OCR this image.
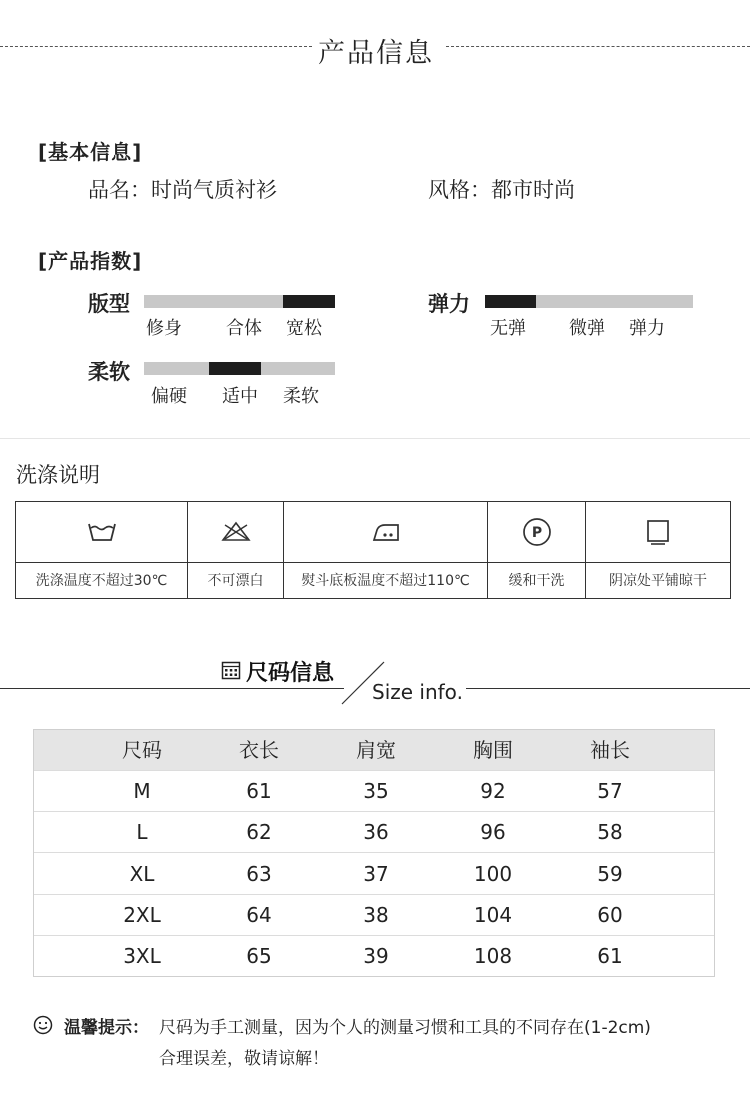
产品信息
[基本信息]
品名：时尚气质衬衫	风格：都市时尚
[产品指数]
版型
修身 合体 宽松
弹力
无弹 微弹 弹力
柔软
偏硬 适中 柔软
洗涤说明
洗涤温度不超过30℃	不可漂白	熨斗底板温度不超过110℃
P
缓和干洗	阴凉处平铺晾干
尺码信息
Size info.
尺码	衣长	肩宽	胸围	袖长
M	61	35	92	57
L	62	36	96	58
XL	63	37	100	59
2XL	64	38	104	60
3XL	65	39	108	61
温馨提示： 尺码为手工测量，因为个人的测量习惯和工具的不同存在(1-2cm)
合理误差，敬请谅解！
